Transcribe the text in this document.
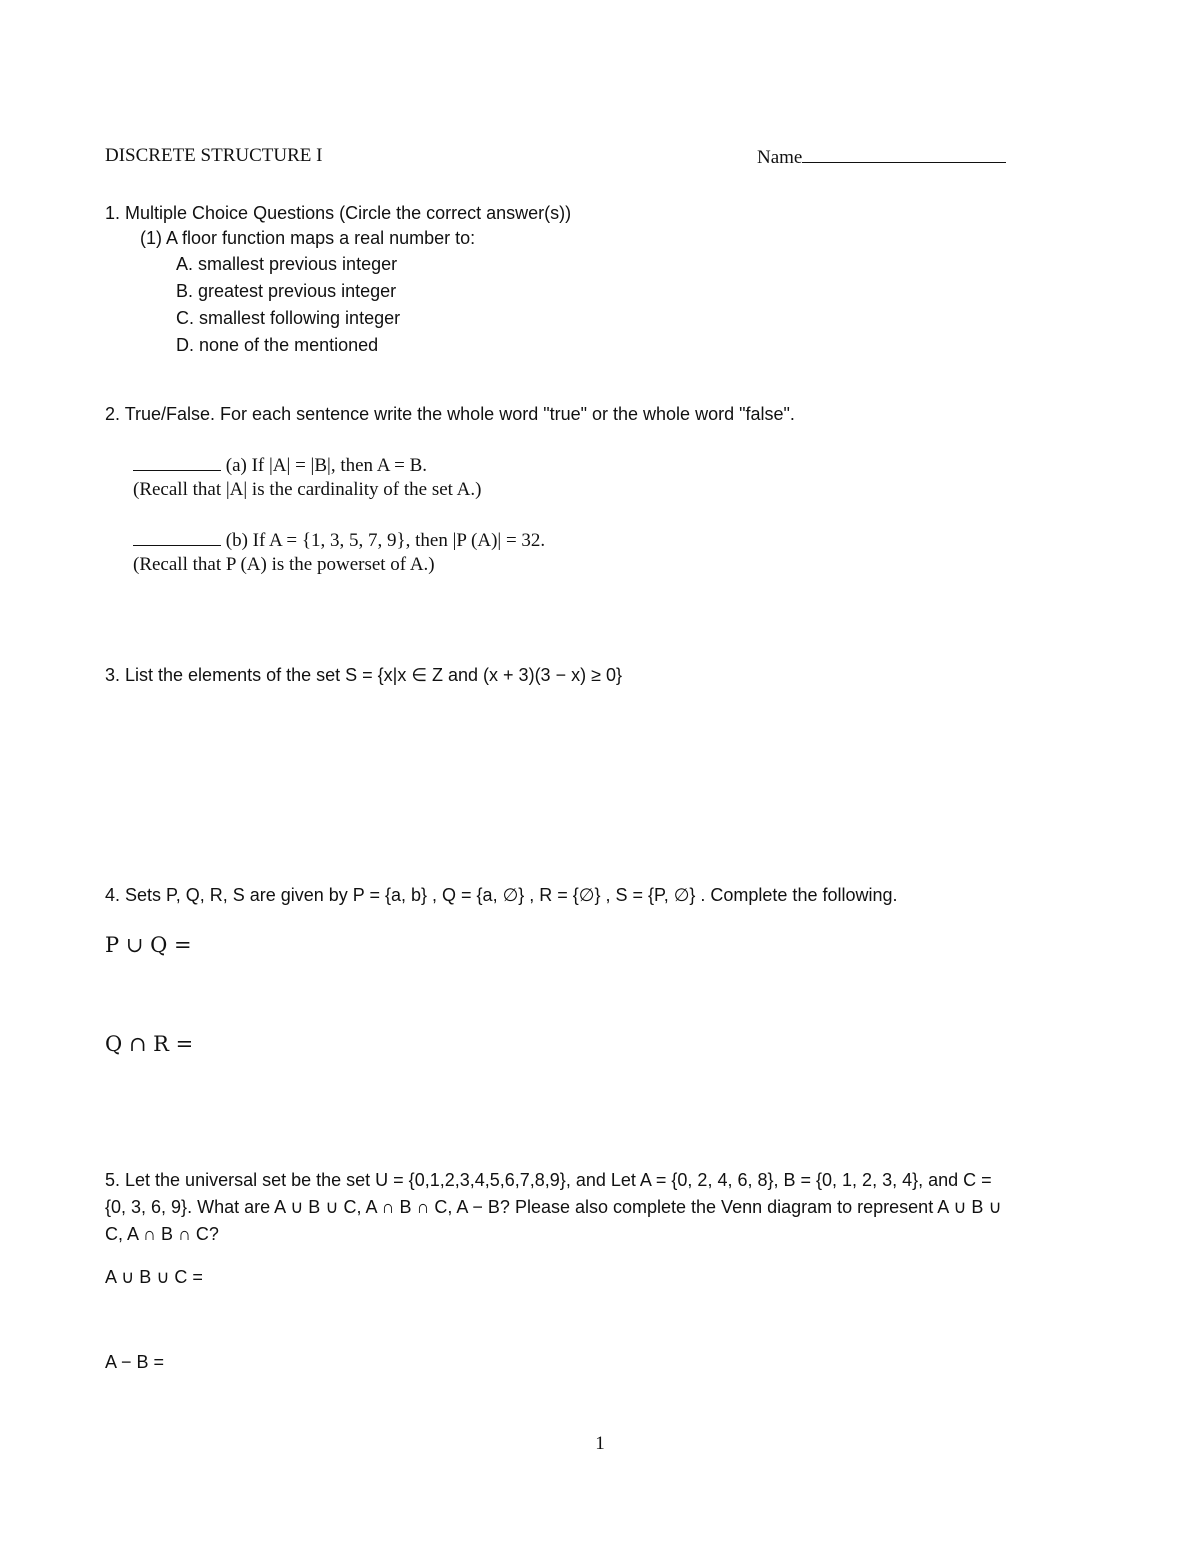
DISCRETE STRUCTURE I	Name
1. Multiple Choice Questions (Circle the correct answer(s))
(1) A floor function maps a real number to:
A. smallest previous integer
B. greatest previous integer
C. smallest following integer
D. none of the mentioned
2. True/False. For each sentence write the whole word "true" or the whole word "false".
(a) If |A| = |B|, then A = B.
(Recall that |A| is the cardinality of the set A.)
(b) If A = {1, 3, 5, 7, 9}, then |P (A)| = 32.
(Recall that P (A) is the powerset of A.)
3. List the elements of the set S = {x|x ∈ Z and (x + 3)(3 − x) ≥ 0}
4. Sets P, Q, R, S are given by P = {a, b} , Q = {a, ∅} , R = {∅} , S = {P, ∅} . Complete the following.
P ∪ Q =
Q ∩ R =
5. Let the universal set be the set U = {0,1,2,3,4,5,6,7,8,9}, and Let A = {0, 2, 4, 6, 8}, B = {0, 1, 2, 3, 4}, and C =
{0, 3, 6, 9}. What are A ∪ B ∪ C, A ∩ B ∩ C, A − B? Please also complete the Venn diagram to represent A ∪ B ∪
C, A ∩ B ∩ C?
A ∪ B ∪ C =
A − B =
1
